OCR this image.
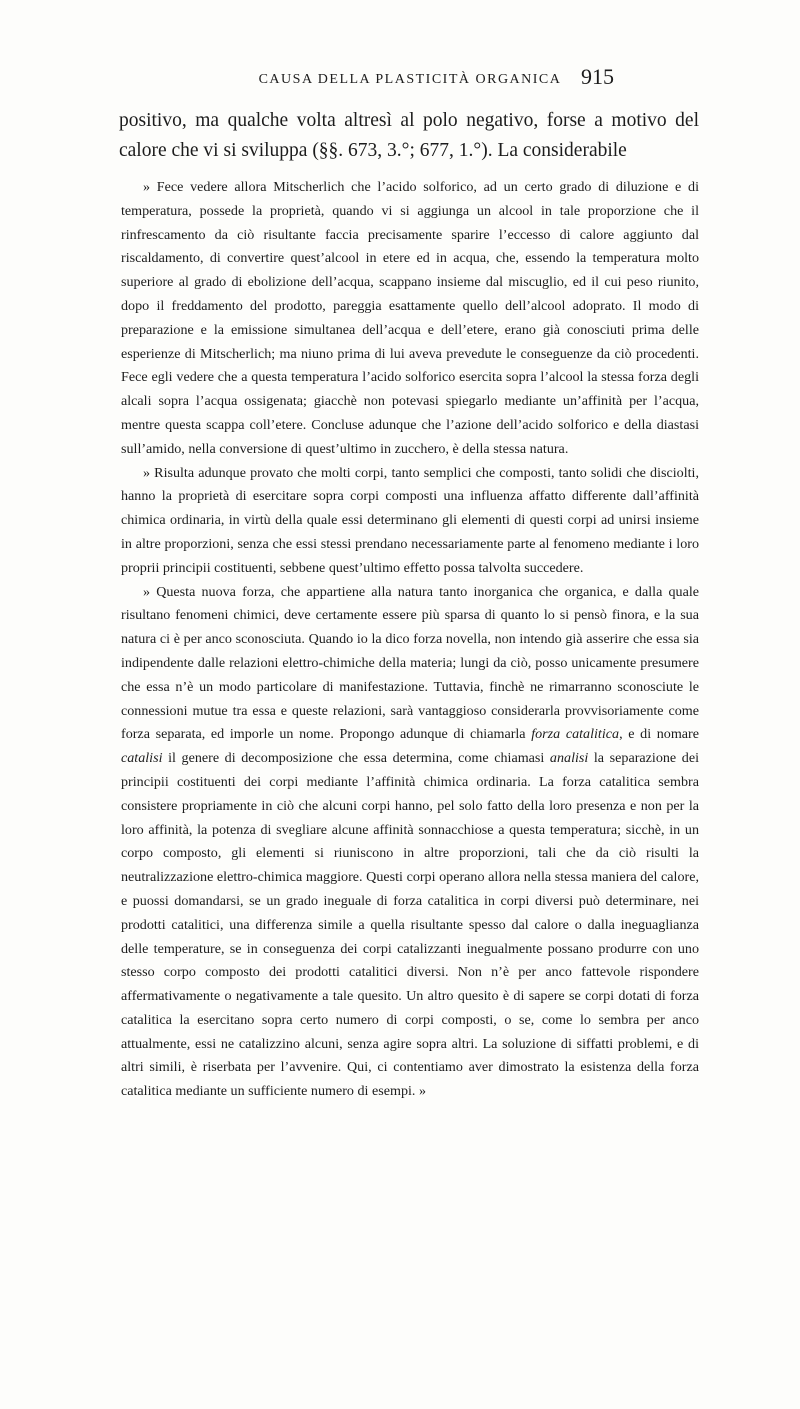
CAUSA DELLA PLASTICITÀ ORGANICA 915
positivo, ma qualche volta altresì al polo negativo, forse a motivo del calore che vi si sviluppa (§§. 673, 3.°; 677, 1.°). La considerabile

» Fece vedere allora Mitscherlich che l’acido solforico, ad un certo grado di diluzione e di temperatura, possede la proprietà, quando vi si aggiunga un alcool in tale proporzione che il rinfrescamento da ciò risultante faccia precisamente sparire l’eccesso di calore aggiunto dal riscaldamento, di convertire quest’alcool in etere ed in acqua, che, essendo la temperatura molto superiore al grado di ebolizione dell’acqua, scappano insieme dal miscuglio, ed il cui peso riunito, dopo il freddamento del prodotto, pareggia esattamente quello dell’alcool adoprato. Il modo di preparazione e la emissione simultanea dell’acqua e dell’etere, erano già conosciuti prima delle esperienze di Mitscherlich; ma niuno prima di lui aveva prevedute le conseguenze da ciò procedenti. Fece egli vedere che a questa temperatura l’acido solforico esercita sopra l’alcool la stessa forza degli alcali sopra l’acqua ossigenata; giacchè non potevasi spiegarlo mediante un’affinità per l’acqua, mentre questa scappa coll’etere. Concluse adunque che l’azione dell’acido solforico e della diastasi sull’amido, nella conversione di quest’ultimo in zucchero, è della stessa natura.

» Risulta adunque provato che molti corpi, tanto semplici che composti, tanto solidi che disciolti, hanno la proprietà di esercitare sopra corpi composti una influenza affatto differente dall’affinità chimica ordinaria, in virtù della quale essi determinano gli elementi di questi corpi ad unirsi insieme in altre proporzioni, senza che essi stessi prendano necessariamente parte al fenomeno mediante i loro proprii principii costituenti, sebbene quest’ultimo effetto possa talvolta succedere.

» Questa nuova forza, che appartiene alla natura tanto inorganica che organica, e dalla quale risultano fenomeni chimici, deve certamente essere più sparsa di quanto lo si pensò finora, e la sua natura ci è per anco sconosciuta. Quando io la dico forza novella, non intendo già asserire che essa sia indipendente dalle relazioni elettro-chimiche della materia; lungi da ciò, posso unicamente presumere che essa n’è un modo particolare di manifestazione. Tuttavia, finchè ne rimarranno sconosciute le connessioni mutue tra essa e queste relazioni, sarà vantaggioso considerarla provvisoriamente come forza separata, ed imporle un nome. Propongo adunque di chiamarla forza catalitica, e di nomare catalisi il genere di decomposizione che essa determina, come chiamasi analisi la separazione dei principii costituenti dei corpi mediante l’affinità chimica ordinaria. La forza catalitica sembra consistere propriamente in ciò che alcuni corpi hanno, pel solo fatto della loro presenza e non per la loro affinità, la potenza di svegliare alcune affinità sonnacchiose a questa temperatura; sicchè, in un corpo composto, gli elementi si riuniscono in altre proporzioni, tali che da ciò risulti la neutralizzazione elettro-chimica maggiore. Questi corpi operano allora nella stessa maniera del calore, e puossi domandarsi, se un grado ineguale di forza catalitica in corpi diversi può determinare, nei prodotti catalitici, una differenza simile a quella risultante spesso dal calore o dalla ineguaglianza delle temperature, se in conseguenza dei corpi catalizzanti inegualmente possano produrre con uno stesso corpo composto dei prodotti catalitici diversi. Non n’è per anco fattevole rispondere affermativamente o negativamente a tale quesito. Un altro quesito è di sapere se corpi dotati di forza catalitica la esercitano sopra certo numero di corpi composti, o se, come lo sembra per anco attualmente, essi ne catalizzino alcuni, senza agire sopra altri. La soluzione di siffatti problemi, e di altri simili, è riserbata per l’avvenire. Qui, ci contentiamo aver dimostrato la esistenza della forza catalitica mediante un sufficiente numero di esempi. »
